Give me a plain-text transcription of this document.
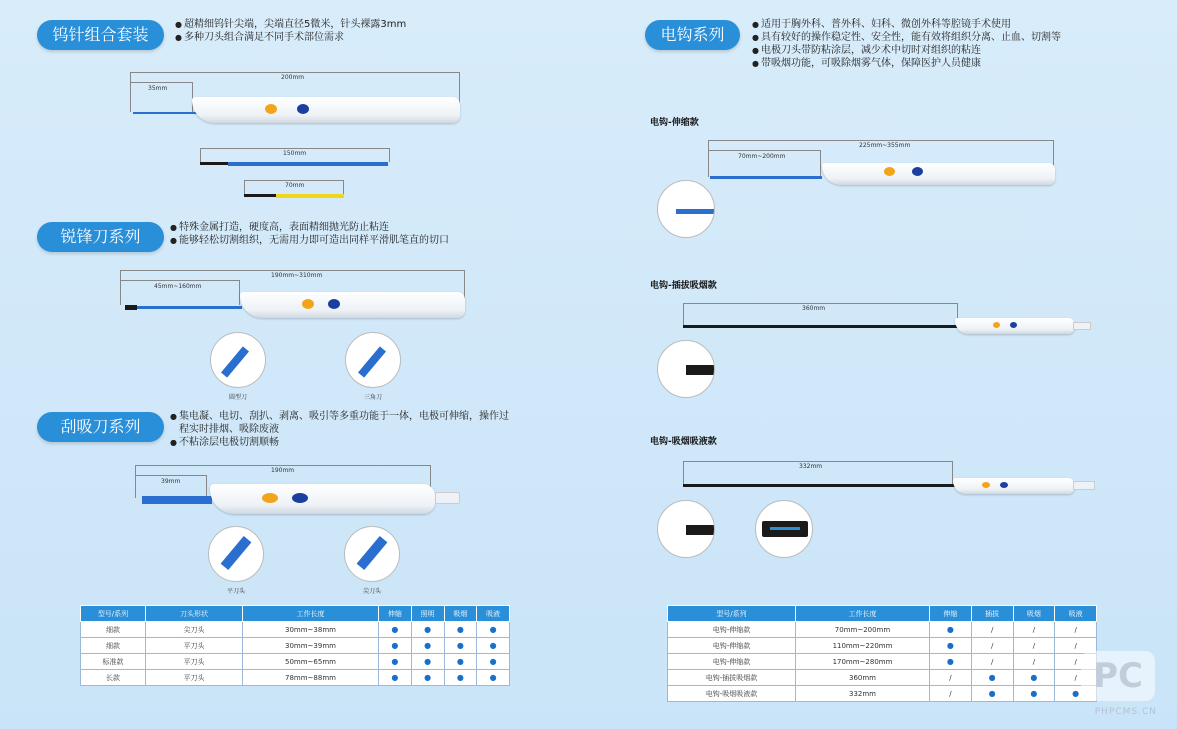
钨针组合套装
● 超精细钨针尖端，尖端直径5微米，针头裸露3mm
● 多种刀头组合满足不同手术部位需求
200mm
35mm
150mm
70mm
锐锋刀系列	● 特殊金属打造，硬度高，表面精细抛光防止粘连
● 能够轻松切割组织，无需用力即可造出同样平滑肌笔直的切口
190mm~310mm
45mm~160mm
圆型刀	三角刀
刮吸刀系列
● 集电凝、电切、刮扒、剥离、吸引等多重功能于一体，电极可伸缩，操作过程实时排烟、吸除废液
● 不粘涂层电极切割顺畅
190mm
39mm
平刀头	尖刀头
型号/系列	刀头形状	工作长度	伸缩	照明	吸烟	吸液
细款	尖刀头	30mm~38mm	●	●	●	●
细款	平刀头	30mm~39mm	●	●	●	●
标准款	平刀头	50mm~65mm	●	●	●	●
长款	平刀头	78mm~88mm	●	●	●	●
电钩系列
● 适用于胸外科、普外科、妇科、微创外科等腔镜手术使用
● 具有较好的操作稳定性、安全性，能有效将组织分离、止血、切割等
● 电极刀头带防粘涂层，减少术中切时对组织的粘连
● 带吸烟功能，可吸除烟雾气体，保障医护人员健康
电钩-伸缩款
225mm~355mm
70mm~200mm
电钩-插拔吸烟款
360mm
电钩-吸烟吸液款
332mm
型号/系列	工作长度	伸缩	插拔	吸烟	吸液
电钩-伸缩款	70mm~200mm	●	/	/	/
电钩-伸缩款	110mm~220mm	●	/	/	/
电钩-伸缩款	170mm~280mm	●	/	/	/
电钩-插拔吸烟款	360mm	/	●	●	/
电钩-吸烟吸液款	332mm	/	●	●	● PC
PHPCMS.CN
